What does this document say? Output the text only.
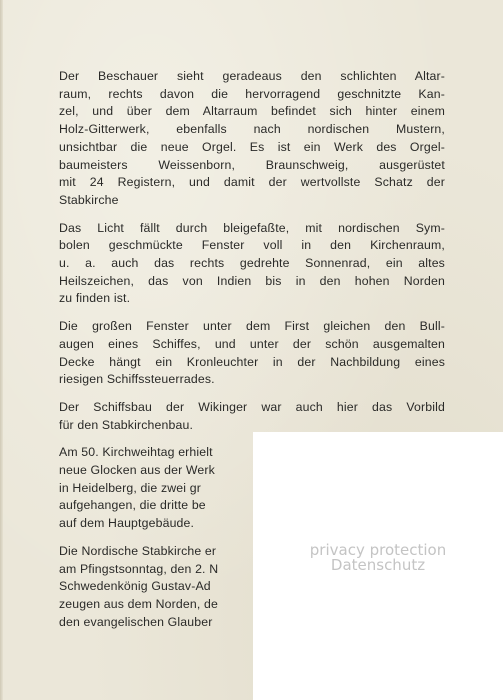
Der Beschauer sieht geradeaus den schlichten Altar-
raum, rechts davon die hervorragend geschnitzte Kan-
zel, und über dem Altarraum befindet sich hinter einem
Holz-Gitterwerk, ebenfalls nach nordischen Mustern,
unsichtbar die neue Orgel. Es ist ein Werk des Orgel-
baumeisters Weissenborn, Braunschweig, ausgerüstet
mit 24 Registern, und damit der wertvollste Schatz der
Stabkirche

Das Licht fällt durch bleigefaßte, mit nordischen Sym-
bolen geschmückte Fenster voll in den Kirchenraum,
u. a. auch das rechts gedrehte Sonnenrad, ein altes
Heilszeichen, das von Indien bis in den hohen Norden
zu finden ist.

Die großen Fenster unter dem First gleichen den Bull-
augen eines Schiffes, und unter der schön ausgemalten
Decke hängt ein Kronleuchter in der Nachbildung eines
riesigen Schiffssteuerrades.

Der Schiffsbau der Wikinger war auch hier das Vorbild
für den Stabkirchenbau.

Am 50. Kirchweihtag erhielt
neue Glocken aus der Werk
in Heidelberg, die zwei gr
aufgehangen, die dritte be
auf dem Hauptgebäude.

Die Nordische Stabkirche er
am Pfingstsonntag, den 2. N
Schwedenkönig Gustav-Ad
zeugen aus dem Norden, de
den evangelischen Glauber

privacy protection
Datenschutz
